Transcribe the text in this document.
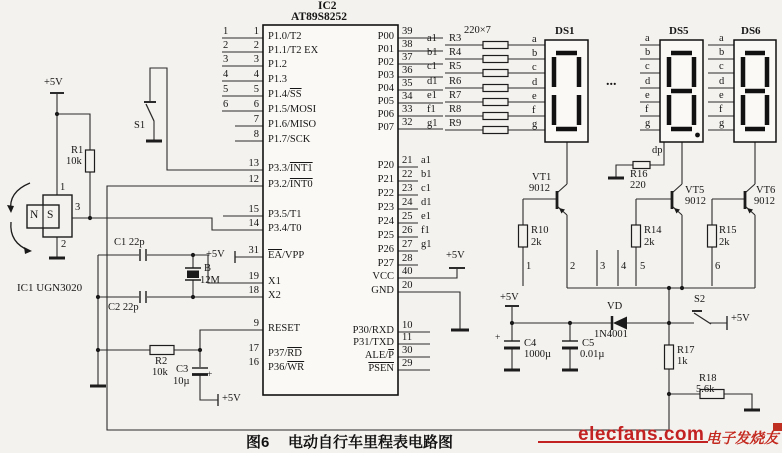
IC2
AT89S8252
1
2
3
4
5
6
7
8
13
12
15
14
31
19
18
9
17
16
1
2
3
4
5
6
P1.0/T2
P1.1/T2 EX
P1.2
P1.3
$P1.4/\overline{SS}$
P1.5/MOSI
P1.6/MISO
P1.7/SCK
P3.3/INT1
P3.2/INT0
P3.5/T1
P3.4/T0
$\overline{EA}$/VPP
X1
X2
RESET
$P37/\overline{RD}$
$P36/\overline{WR}$
39
38
37
36
35
34
33
32
21
22
23
24
25
26
27
28
40
20
10
11
30
29
a1
b1
c1
d1
e1
f1
g1
P00
P01
P02
P03
P04
P05
P06
P07
P20
P21
P22
P23
P24
P25
P26
P27
VCC
GND
P30/RXD
P31/TXD
ALE/$\overline{P}$
PSEN
+5V
R1
10k
1
3
2
N S
IC1 UGN3020
S1
C1 22p
B
12M
C2 22p
R2
10k C3
10µ
+
+5V
+5V
220×7
a1 R3	a
b1 R4	b
c1 R5	c
d1 R6	d
e1 R7	e
f1 R8	f
g1 R9	g
DS1	DS5	DS6
...
a
b
c
d
e
f
g
a
b
c
d
e
f
g
dp
R16
220
VT1
9012	VT5
9012
VT6
9012
R10
2k
R14
2k
R15
2k
1	2 3 4 5	6
+5V
+5V
+ C4
1000µ
C5
0.01µ
VD
1N4001
S2
+5V
R17
1k
R18
5.6k
图6 电动自行车里程表电路图	elecfans.com 电子发烧友
